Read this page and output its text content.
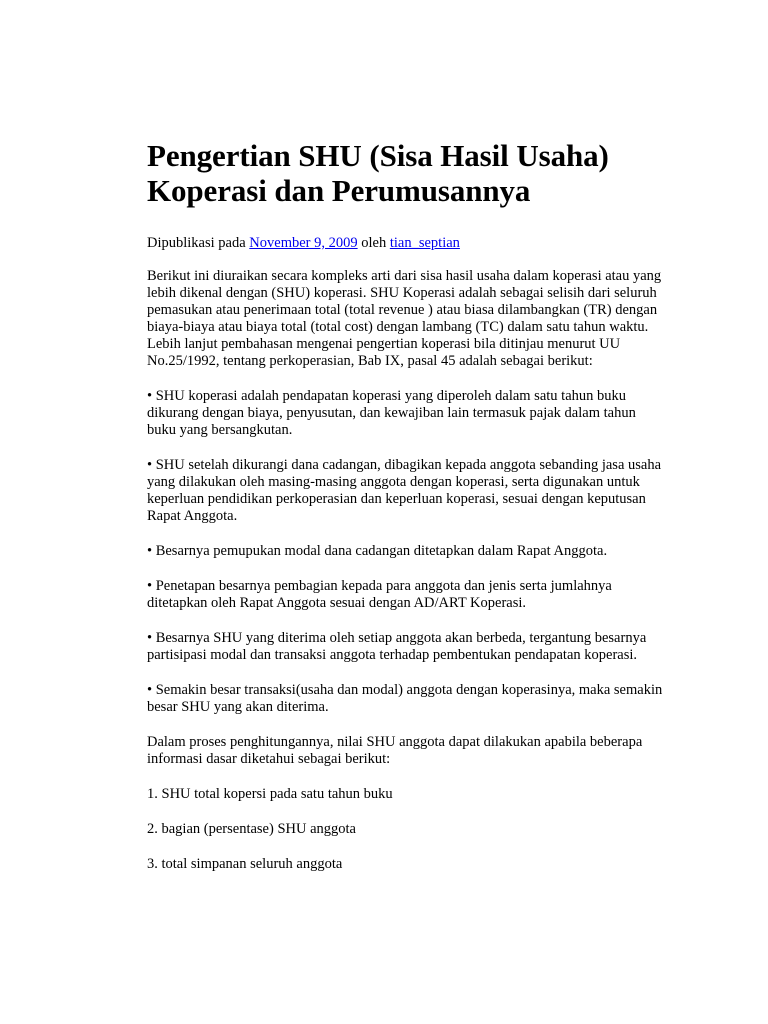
Pengertian SHU (Sisa Hasil Usaha)
Koperasi dan Perumusannya
Dipublikasi pada November 9, 2009 oleh tian_septian

Berikut ini diuraikan secara kompleks arti dari sisa hasil usaha dalam koperasi atau yang lebih dikenal dengan (SHU) koperasi. SHU Koperasi adalah sebagai selisih dari seluruh pemasukan atau penerimaan total (total revenue ) atau biasa dilambangkan (TR) dengan biaya-biaya atau biaya total (total cost) dengan lambang (TC) dalam satu tahun waktu. Lebih lanjut pembahasan mengenai pengertian koperasi bila ditinjau menurut UU No.25/1992, tentang perkoperasian, Bab IX, pasal 45 adalah sebagai berikut:

• SHU koperasi adalah pendapatan koperasi yang diperoleh dalam satu tahun buku dikurang dengan biaya, penyusutan, dan kewajiban lain termasuk pajak dalam tahun buku yang bersangkutan.

• SHU setelah dikurangi dana cadangan, dibagikan kepada anggota sebanding jasa usaha yang dilakukan oleh masing-masing anggota dengan koperasi, serta digunakan untuk keperluan pendidikan perkoperasian dan keperluan koperasi, sesuai dengan keputusan Rapat Anggota.

• Besarnya pemupukan modal dana cadangan ditetapkan dalam Rapat Anggota.

• Penetapan besarnya pembagian kepada para anggota dan jenis serta jumlahnya ditetapkan oleh Rapat Anggota sesuai dengan AD/ART Koperasi.

• Besarnya SHU yang diterima oleh setiap anggota akan berbeda, tergantung besarnya partisipasi modal dan transaksi anggota terhadap pembentukan pendapatan koperasi.

• Semakin besar transaksi(usaha dan modal) anggota dengan koperasinya, maka semakin besar SHU yang akan diterima.

Dalam proses penghitungannya, nilai SHU anggota dapat dilakukan apabila beberapa informasi dasar diketahui sebagai berikut:

1. SHU total kopersi pada satu tahun buku

2. bagian (persentase) SHU anggota

3. total simpanan seluruh anggota
